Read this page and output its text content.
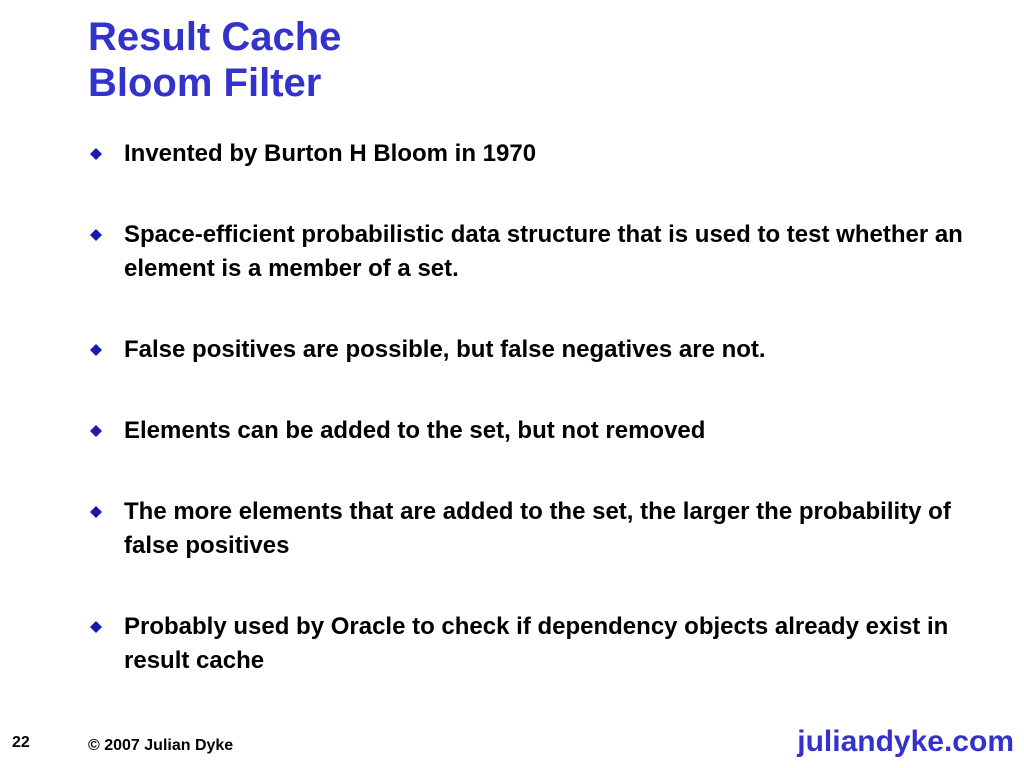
Result Cache
Bloom Filter
Invented by Burton H Bloom in 1970
Space-efficient probabilistic data structure that is used to test whether an element is a member of a set.
False positives are possible, but false negatives are not.
Elements can be added to the set, but not removed
The more elements that are added to the set, the larger the probability of false positives
Probably used by Oracle to check if dependency objects already exist in result cache
22	© 2007 Julian Dyke	juliandyke.com
